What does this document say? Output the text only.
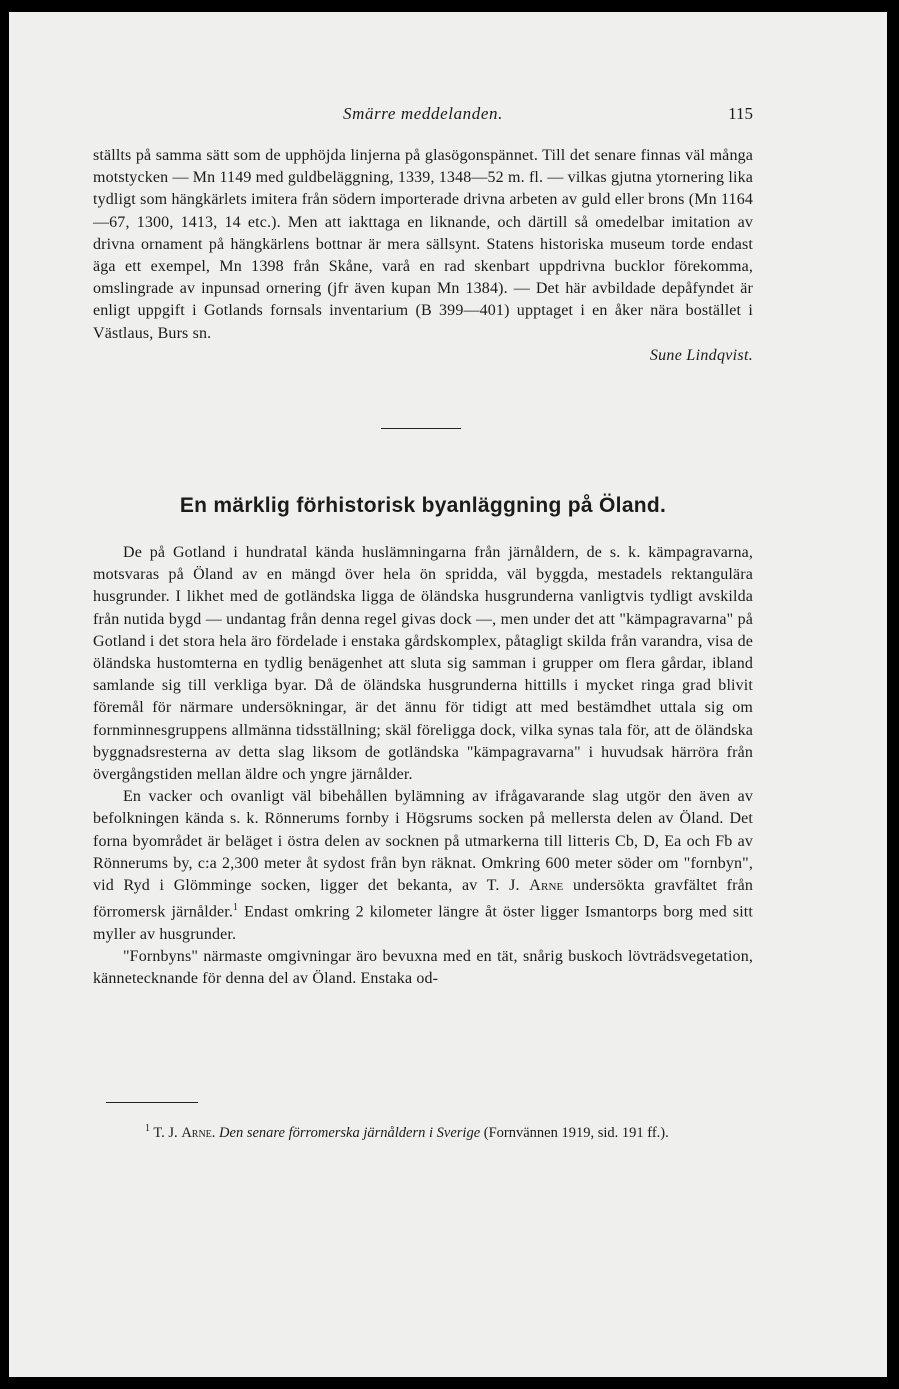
Smärre meddelanden.	115

ställts på samma sätt som de upphöjda linjerna på glasögonspännet. Till det senare finnas väl många motstycken — Mn 1149 med guldbeläggning, 1339, 1348—52 m. fl. — vilkas gjutna ytornering lika tydligt som hängkärlets imitera från södern importerade drivna arbeten av guld eller brons (Mn 1164—67, 1300, 1413, 14 etc.). Men att iakttaga en liknande, och därtill så omedelbar imitation av drivna ornament på hängkärlens bottnar är mera sällsynt. Statens historiska museum torde endast äga ett exempel, Mn 1398 från Skåne, varå en rad skenbart uppdrivna bucklor förekomma, omslingrade av inpunsad ornering (jfr även kupan Mn 1384). — Det här avbildade depåfyndet är enligt uppgift i Gotlands fornsals inventarium (B 399—401) upptaget i en åker nära bostället i Västlaus, Burs sn.

Sune Lindqvist.

En märklig förhistorisk byanläggning på Öland.

De på Gotland i hundratal kända huslämningarna från järnåldern, de s. k. kämpagravarna, motsvaras på Öland av en mängd över hela ön spridda, väl byggda, mestadels rektangulära husgrunder. I likhet med de gotländska ligga de öländska husgrunderna vanligtvis tydligt avskilda från nutida bygd — undantag från denna regel givas dock —, men under det att "kämpagravarna" på Gotland i det stora hela äro fördelade i enstaka gårdskomplex, påtagligt skilda från varandra, visa de öländska hustomterna en tydlig benägenhet att sluta sig samman i grupper om flera gårdar, ibland samlande sig till verkliga byar. Då de öländska husgrunderna hittills i mycket ringa grad blivit föremål för närmare undersökningar, är det ännu för tidigt att med bestämdhet uttala sig om fornminnesgruppens allmänna tidsställning; skäl föreligga dock, vilka synas tala för, att de öländska byggnadsresterna av detta slag liksom de gotländska "kämpagravarna" i huvudsak härröra från övergångstiden mellan äldre och yngre järnålder.

En vacker och ovanligt väl bibehållen bylämning av ifrågavarande slag utgör den även av befolkningen kända s. k. Rönnerums fornby i Högsrums socken på mellersta delen av Öland. Det forna byområdet är beläget i östra delen av socknen på utmarkerna till litteris Cb, D, Ea och Fb av Rönnerums by, c:a 2,300 meter åt sydost från byn räknat. Omkring 600 meter söder om "fornbyn", vid Ryd i Glömminge socken, ligger det bekanta, av T. J. Arne undersökta gravfältet från förromersk järnålder.$^1$ Endast omkring 2 kilometer längre åt öster ligger Ismantorps borg med sitt myller av husgrunder.

"Fornbyns" närmaste omgivningar äro bevuxna med en tät, snårig buskoch lövträdsvegetation, kännetecknande för denna del av Öland. Enstaka od-

$^1$ T. J. Arne. Den senare förromerska järnåldern i Sverige (Fornvännen 1919, sid. 191 ff.).
